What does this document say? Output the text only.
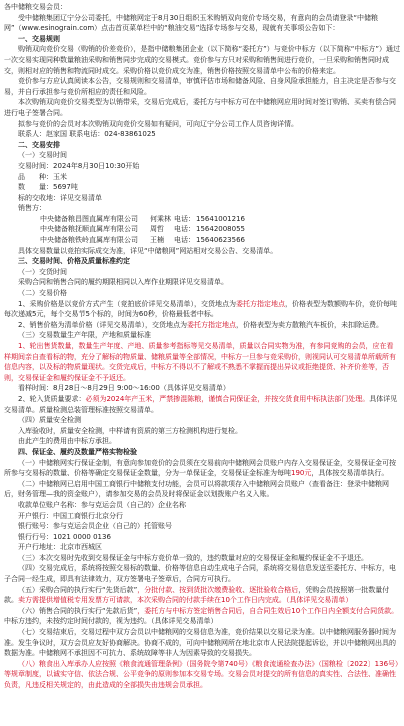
各中储粮交易会员：

受中储粮集团辽宁分公司委托，中储粮网定于8月30日组织玉米购销双向竞价专场交易，有意向的会员请登录“中储粮网”（www.esinograin.com）点击首页菜单栏中的“粮油交易”选择专场参与交易，现就有关事项公告如下：

一、交易规则

购销双向竞价交易（购销的价差竞价），是指中储粮集团企业（以下简称“委托方”）与竞价中标方（以下简称“中标方”）通过一次交易实现同种数量粮油采购和销售同步完成的交易模式。竞价参与方只对采购和销售间进行竞价，一旦采购和销售同时成交，则相对应的销售和物流同时成交。采购价格以竞价成交为准，销售价格按照交易清单中公布的价格来定。

竞价参与方应认真阅读本公告，交易规则和交易清单，审慎评估市场和储备风险、自身风险承担能力，自主决定是否参与交易，并自行承担参与竞价所相应的责任和风险。

本次购销双向竞价交易类型为以销带采，交易后完成后，委托方与中标方可在中储粮网应用时间对签订购销、买卖有偿合同进行电子签署合同。

拟参与竞价的会员对本次购销双向竞价交易如有疑问，可向辽宁分公司工作人员咨询详情。

联系人：赵家国 联系电话：024-83861025

二、交易安排

（一）交易时间

交易时间：2024年8月30日10:30开始

品　　种：玉米

数　　量：5697吨

标的交收地：详见交易清单

销售方：

中央储备粮昌图直属库有限公司	何乘林 电话： 15641001216
中央储备粮抚顺直属库有限公司	周哲	电话： 15642008055
中央储备粮铁岭直属库有限公司	王楠	电话： 15640623566

具体交易数量以竞拍实际成交为准，详见“中储粮网”网站相对交易公告、交易清单。

三、交易时间、价格及质量标准约定

（一）交货时间

采购合同和销售合同的履约期限相同以入库作业期限详见交易清单。

（二）交易价格

1、采购价格是以竞价方式产生（竞拍底价详见交易清单），交货地点为委托方指定地点，价格表型为数额购车价，竞价每吨每次递减5元，每个交易节5个标的，时间为60秒，价格最低者中标。

2、销售价格为清单价格（详见交易清单），交货地点为委托方指定地点，价格表型为卖方散粮汽车板价，未扣除运费。

（三）交易数量生产年限，产地和质量标准

1、轮出售货数量，数量生产年度、产地、质量参考指标等见交易清单，质量以合同实物为准，有参同竞购的会员，应在看样期间亲自查看标的物，充分了解标的物质量、储粮质量等全部情况，中标方一旦参与竞采购价，则视同认可交易清单所载所有信息内容，以及标的物质量现状。交货完成后，中标方不得以不了解或不熟悉不掌握而提出异议或拒绝提货、补齐价差等，否则，交易保证金和履约保证金不予返还。

看样时间：8月28日～8月29日 9:00～16:00（具体详见交易清单）

2、轮入货质量要求：必须为2024年产玉米，严禁掺混陈粮，谨慎合同保证金，并按交货食用中标执法部门处理。具体详见交易清单。质量检测总装管理标准按照交易清单。

（四）质量安全检测

入库验收时，质量安全检测，中样请有资质的第三方检测机构进行复检。

由此产生的费用由中标方承担。

四、保证金、履约及数量严格实物检验

（一）中储粮网实行保证金制，有意向参加竞价的会员须在交易前向中储粮网会员账户内存入交易保证金，交易保证金可按所参与交易标的数量、价格等确定交易保证金数量，分为一单保证金，交易保证金标准为每吨190元，具体按交易清单执行。

（二）中储粮网已启用中国工商银行中储粮支付功能，会员可以将款项存入中储粮网会员账户（查看备注：登录中储粮网后，财务管理—我的资金账户），请参加交易的会员及时将保证金以划拨账户名义入账。

收款单位账户名称：参与克运会员（自己的）企业名称

开户银行：中国工商银行北京分行

银行账号：参与克运会员企业（自己的）托管账号

银行行号：1021 0000 0136

开户行地址：北京市西城区

（三）本次交易时先收到交易保证金与中标方竞价单一致的，违约数量对应的交易保证金和履约保证金不予退还。

（四）交易完成后，系统将按照交易标的数量、价格等信息自动生成电子合同，系统将交易信息发送至委托方、中标方，电子合同一经生成，即具有法律效力，双方签署电子签章后，合同方可执行。

（五）采购合同的执行实行“先货后款”，分批付款、按到货批次缴费验收、逐批验收合格后，凭购会员按照第一批数量付款。卖方需提供增值税专用发票方可请款，本次采购合同的付款手续在10个工作日内完成。（具体详见交易清单）

（六）销售合同的执行实行“先款后货”，委托方与中标方签定销售合同后，自合同生效后10个工作日内全额支付合同货款。中标方违约，未按约定时间付款的，视为违约。（具体详见交易清单）

（七）交易结束后，交易过程中双方会员以中储粮网的交易信息为准，竞价结果以交易记录为准。以中储粮网服务器时间为准。发生争议时，双方会员应友好协商解决。协商不成的，可向中储粮网所在地北京市人民法院提起诉讼，并以中储粮网出具的数据为准。中储粮网不承担因不可抗力、系统故障等非人为因素导致的交易损失。

（八）粮食出入库承办人应按照《粮食流通管理条例》（国务院令第740号）《粮食流通检查办法》（国粮检〔2022〕136号）等规章制度，以诚实守信、依法合规、公平竞争的原则参加本交易专场。交易会员对提交的所有信息的真实性、合法性、准确性负责，凡违反相关规定的，由此造成的全部损失由违规会员承担。
